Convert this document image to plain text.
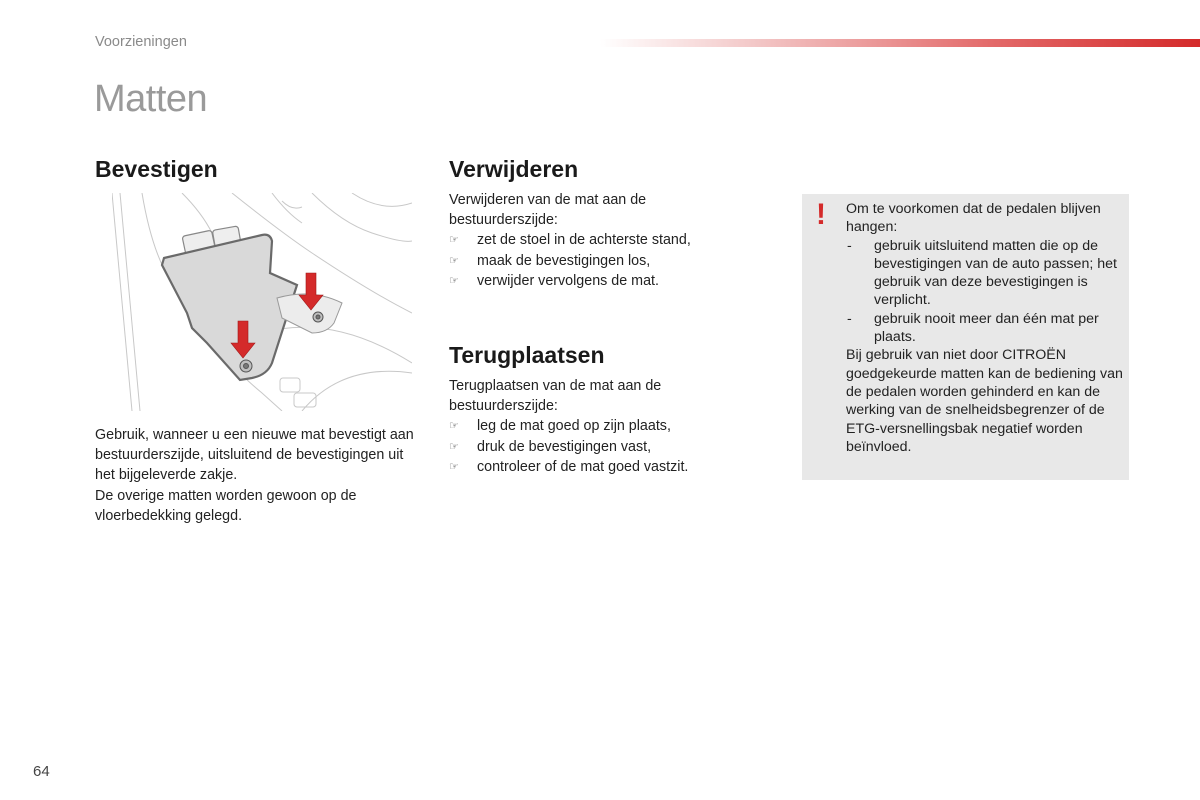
Voorzieningen
Matten
Bevestigen
Gebruik, wanneer u een nieuwe mat bevestigt aan bestuurderszijde, uitsluitend de bevestigingen uit het bijgeleverde zakje.
De overige matten worden gewoon op de vloerbedekking gelegd.
Verwijderen
Verwijderen van de mat aan de bestuurderszijde:
☞ zet de stoel in de achterste stand,
☞ maak de bevestigingen los,
☞ verwijder vervolgens de mat.
Terugplaatsen
Terugplaatsen van de mat aan de bestuurderszijde:
☞ leg de mat goed op zijn plaats,
☞ druk de bevestigingen vast,
☞ controleer of de mat goed vastzit.
! Om te voorkomen dat de pedalen blijven hangen:
- gebruik uitsluitend matten die op de bevestigingen van de auto passen; het gebruik van deze bevestigingen is verplicht.
- gebruik nooit meer dan één mat per plaats.
Bij gebruik van niet door CITROËN goedgekeurde matten kan de bediening van de pedalen worden gehinderd en kan de werking van de snelheidsbegrenzer of de ETG-versnellingsbak negatief worden beïnvloed.
64
